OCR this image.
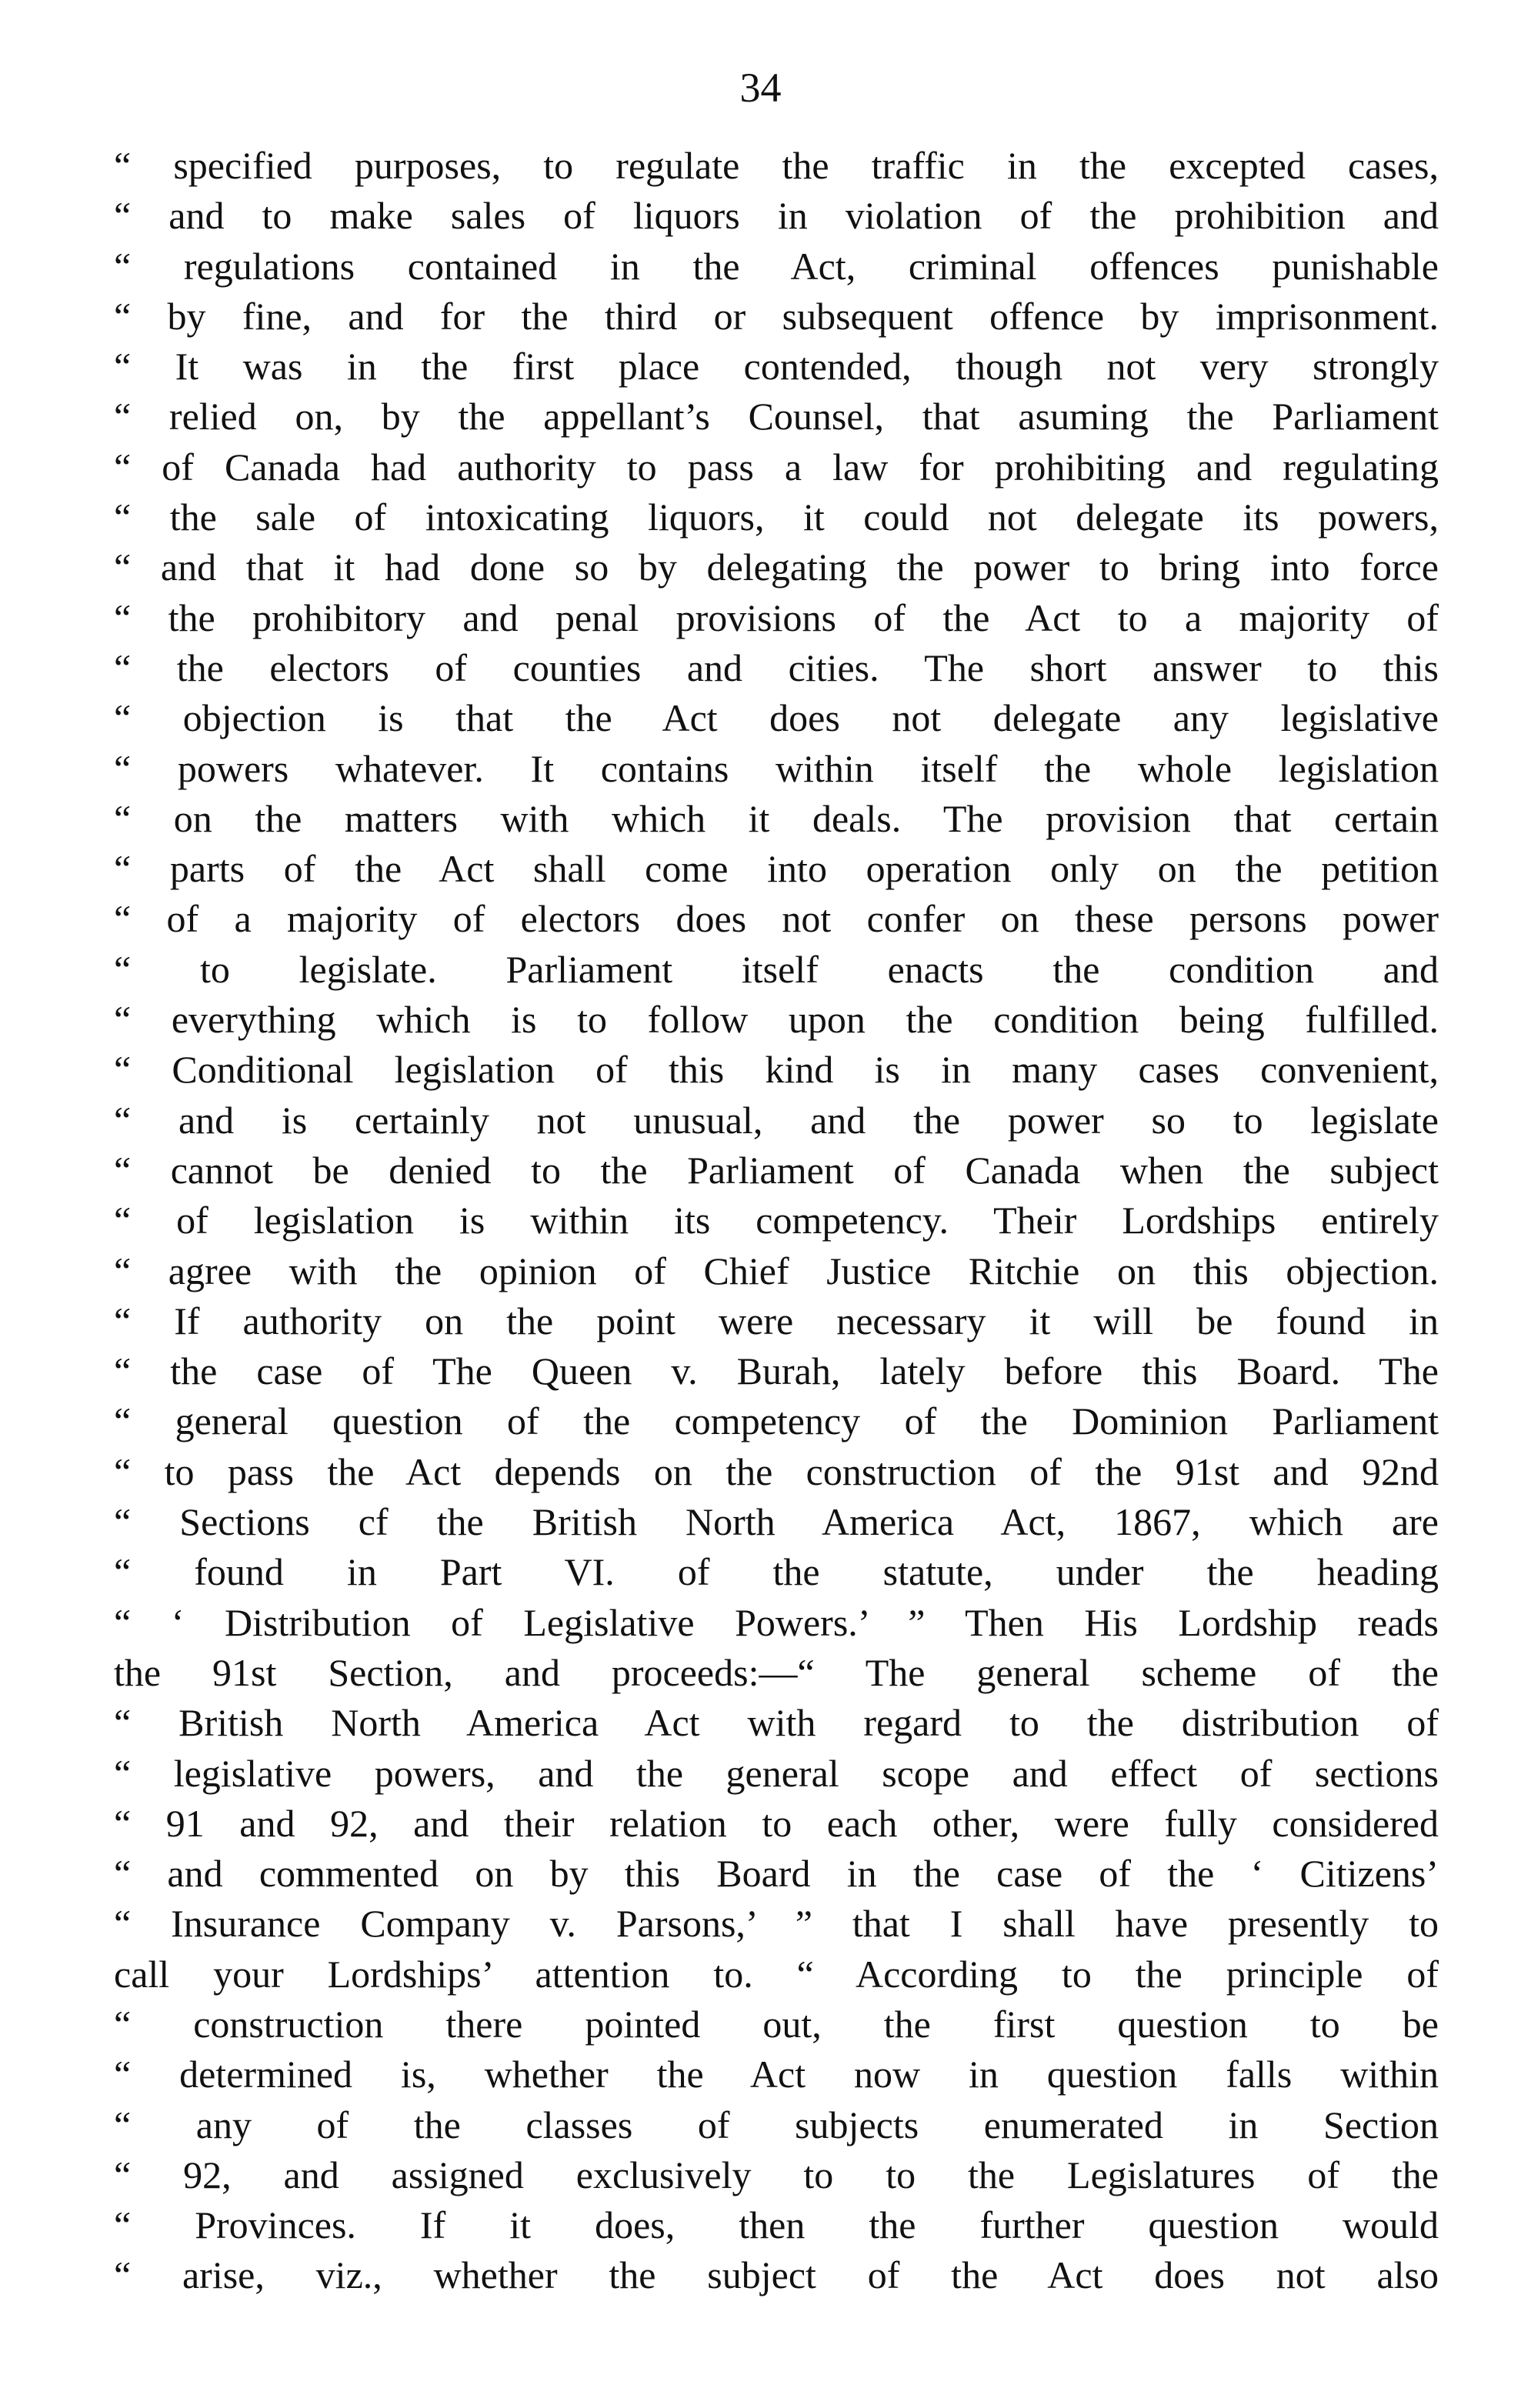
34
“ specified purposes, to regulate the traffic in the excepted cases,
“ and to make sales of liquors in violation of the prohibition and
“ regulations contained in the Act, criminal offences punishable
“ by fine, and for the third or subsequent offence by imprisonment.
“ It was in the first place contended, though not very strongly
“ relied on, by the appellant’s Counsel, that asuming the Parliament
“ of Canada had authority to pass a law for prohibiting and regulating
“ the sale of intoxicating liquors, it could not delegate its powers,
“ and that it had done so by delegating the power to bring into force
“ the prohibitory and penal provisions of the Act to a majority of
“ the electors of counties and cities. The short answer to this
“ objection is that the Act does not delegate any legislative
“ powers whatever. It contains within itself the whole legislation
“ on the matters with which it deals. The provision that certain
“ parts of the Act shall come into operation only on the petition
“ of a majority of electors does not confer on these persons power
“ to legislate. Parliament itself enacts the condition and
“ everything which is to follow upon the condition being fulfilled.
“ Conditional legislation of this kind is in many cases convenient,
“ and is certainly not unusual, and the power so to legislate
“ cannot be denied to the Parliament of Canada when the subject
“ of legislation is within its competency. Their Lordships entirely
“ agree with the opinion of Chief Justice Ritchie on this objection.
“ If authority on the point were necessary it will be found in
“ the case of The Queen v. Burah, lately before this Board. The
“ general question of the competency of the Dominion Parliament
“ to pass the Act depends on the construction of the 91st and 92nd
“ Sections cf the British North America Act, 1867, which are
“ found in Part VI. of the statute, under the heading
“ ‘ Distribution of Legislative Powers.’ ” Then His Lordship reads
the 91st Section, and proceeds:—“ The general scheme of the
“ British North America Act with regard to the distribution of
“ legislative powers, and the general scope and effect of sections
“ 91 and 92, and their relation to each other, were fully considered
“ and commented on by this Board in the case of the ‘ Citizens’
“ Insurance Company v. Parsons,’ ” that I shall have presently to
call your Lordships’ attention to. “ According to the principle of
“ construction there pointed out, the first question to be
“ determined is, whether the Act now in question falls within
“ any of the classes of subjects enumerated in Section
“ 92, and assigned exclusively to to the Legislatures of the
“ Provinces. If it does, then the further question would
“ arise, viz., whether the subject of the Act does not also
